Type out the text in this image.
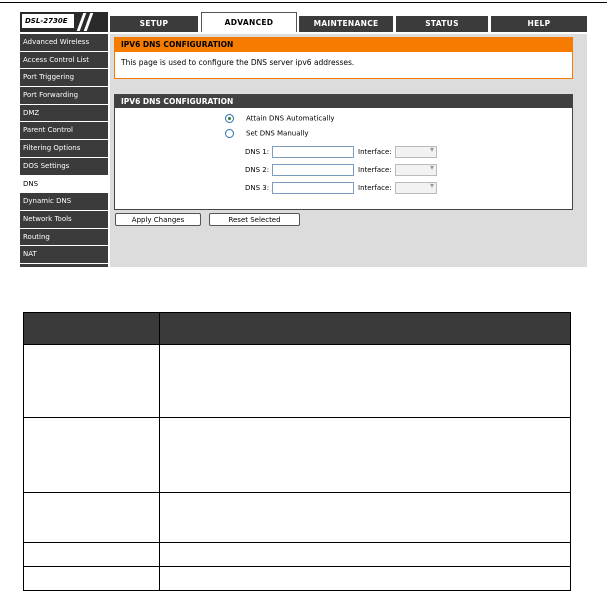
DSL-2730E	SETUP	ADVANCED	MAINTENANCE	STATUS	HELP
Advanced Wireless
Access Control List
Port Triggering
Port Forwarding
DMZ
Parent Control
Filtering Options
DOS Settings
DNS
Dynamic DNS
Network Tools
Routing
NAT
IPV6 DNS CONFIGURATION
This page is used to configure the DNS server ipv6 addresses.
IPV6 DNS CONFIGURATION
Attain DNS Automatically
Set DNS Manually
DNS 1:	Interface:
▾
DNS 2:	Interface:
▾
DNS 3:	Interface:
▾
Apply Changes	Reset Selected
